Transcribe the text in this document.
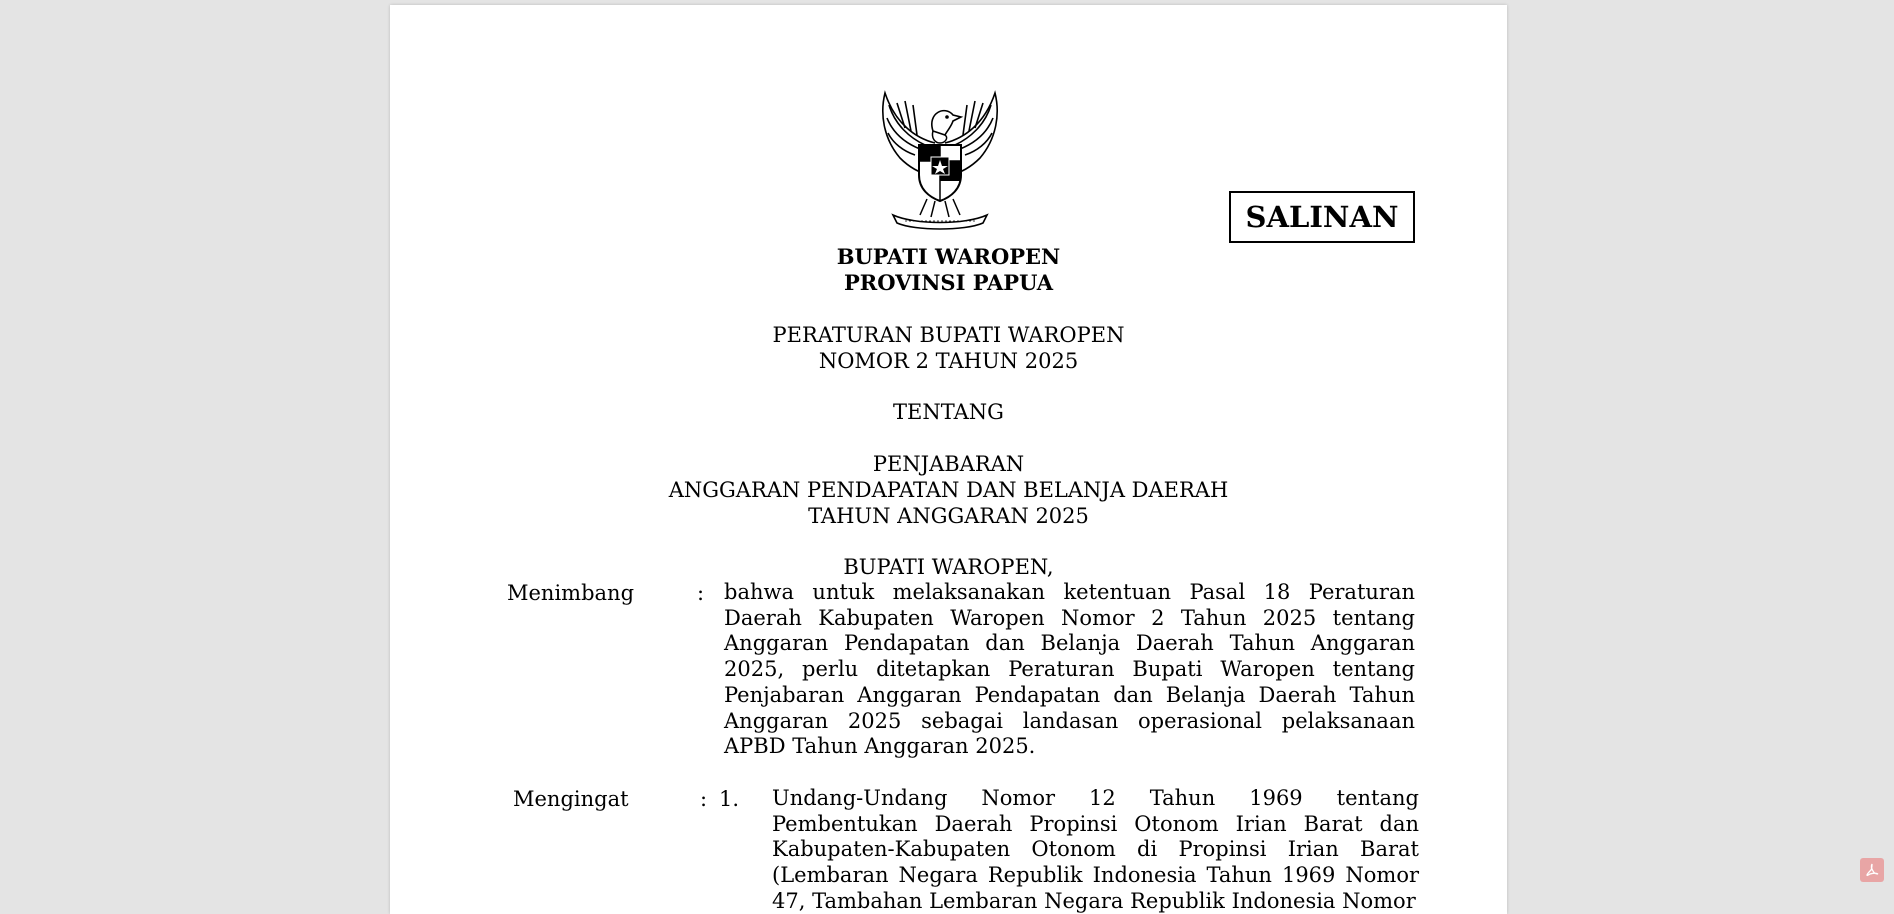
SALINAN
BUPATI WAROPEN
PROVINSI PAPUA
PERATURAN BUPATI WAROPEN
NOMOR 2 TAHUN 2025
TENTANG
PENJABARAN
ANGGARAN PENDAPATAN DAN BELANJA DAERAH
TAHUN ANGGARAN 2025
BUPATI WAROPEN,
Menimbang	: bahwa untuk melaksanakan ketentuan Pasal 18 Peraturan Daerah Kabupaten Waropen Nomor 2 Tahun 2025 tentang Anggaran Pendapatan dan Belanja Daerah Tahun Anggaran 2025, perlu ditetapkan Peraturan Bupati Waropen tentang Penjabaran Anggaran Pendapatan dan Belanja Daerah Tahun Anggaran 2025 sebagai landasan operasional pelaksanaan APBD Tahun Anggaran 2025.
Mengingat	: 1. Undang-Undang Nomor 12 Tahun 1969 tentang Pembentukan Daerah Propinsi Otonom Irian Barat dan Kabupaten-Kabupaten Otonom di Propinsi Irian Barat (Lembaran Negara Republik Indonesia Tahun 1969 Nomor 47, Tambahan Lembaran Negara Republik Indonesia Nomor
